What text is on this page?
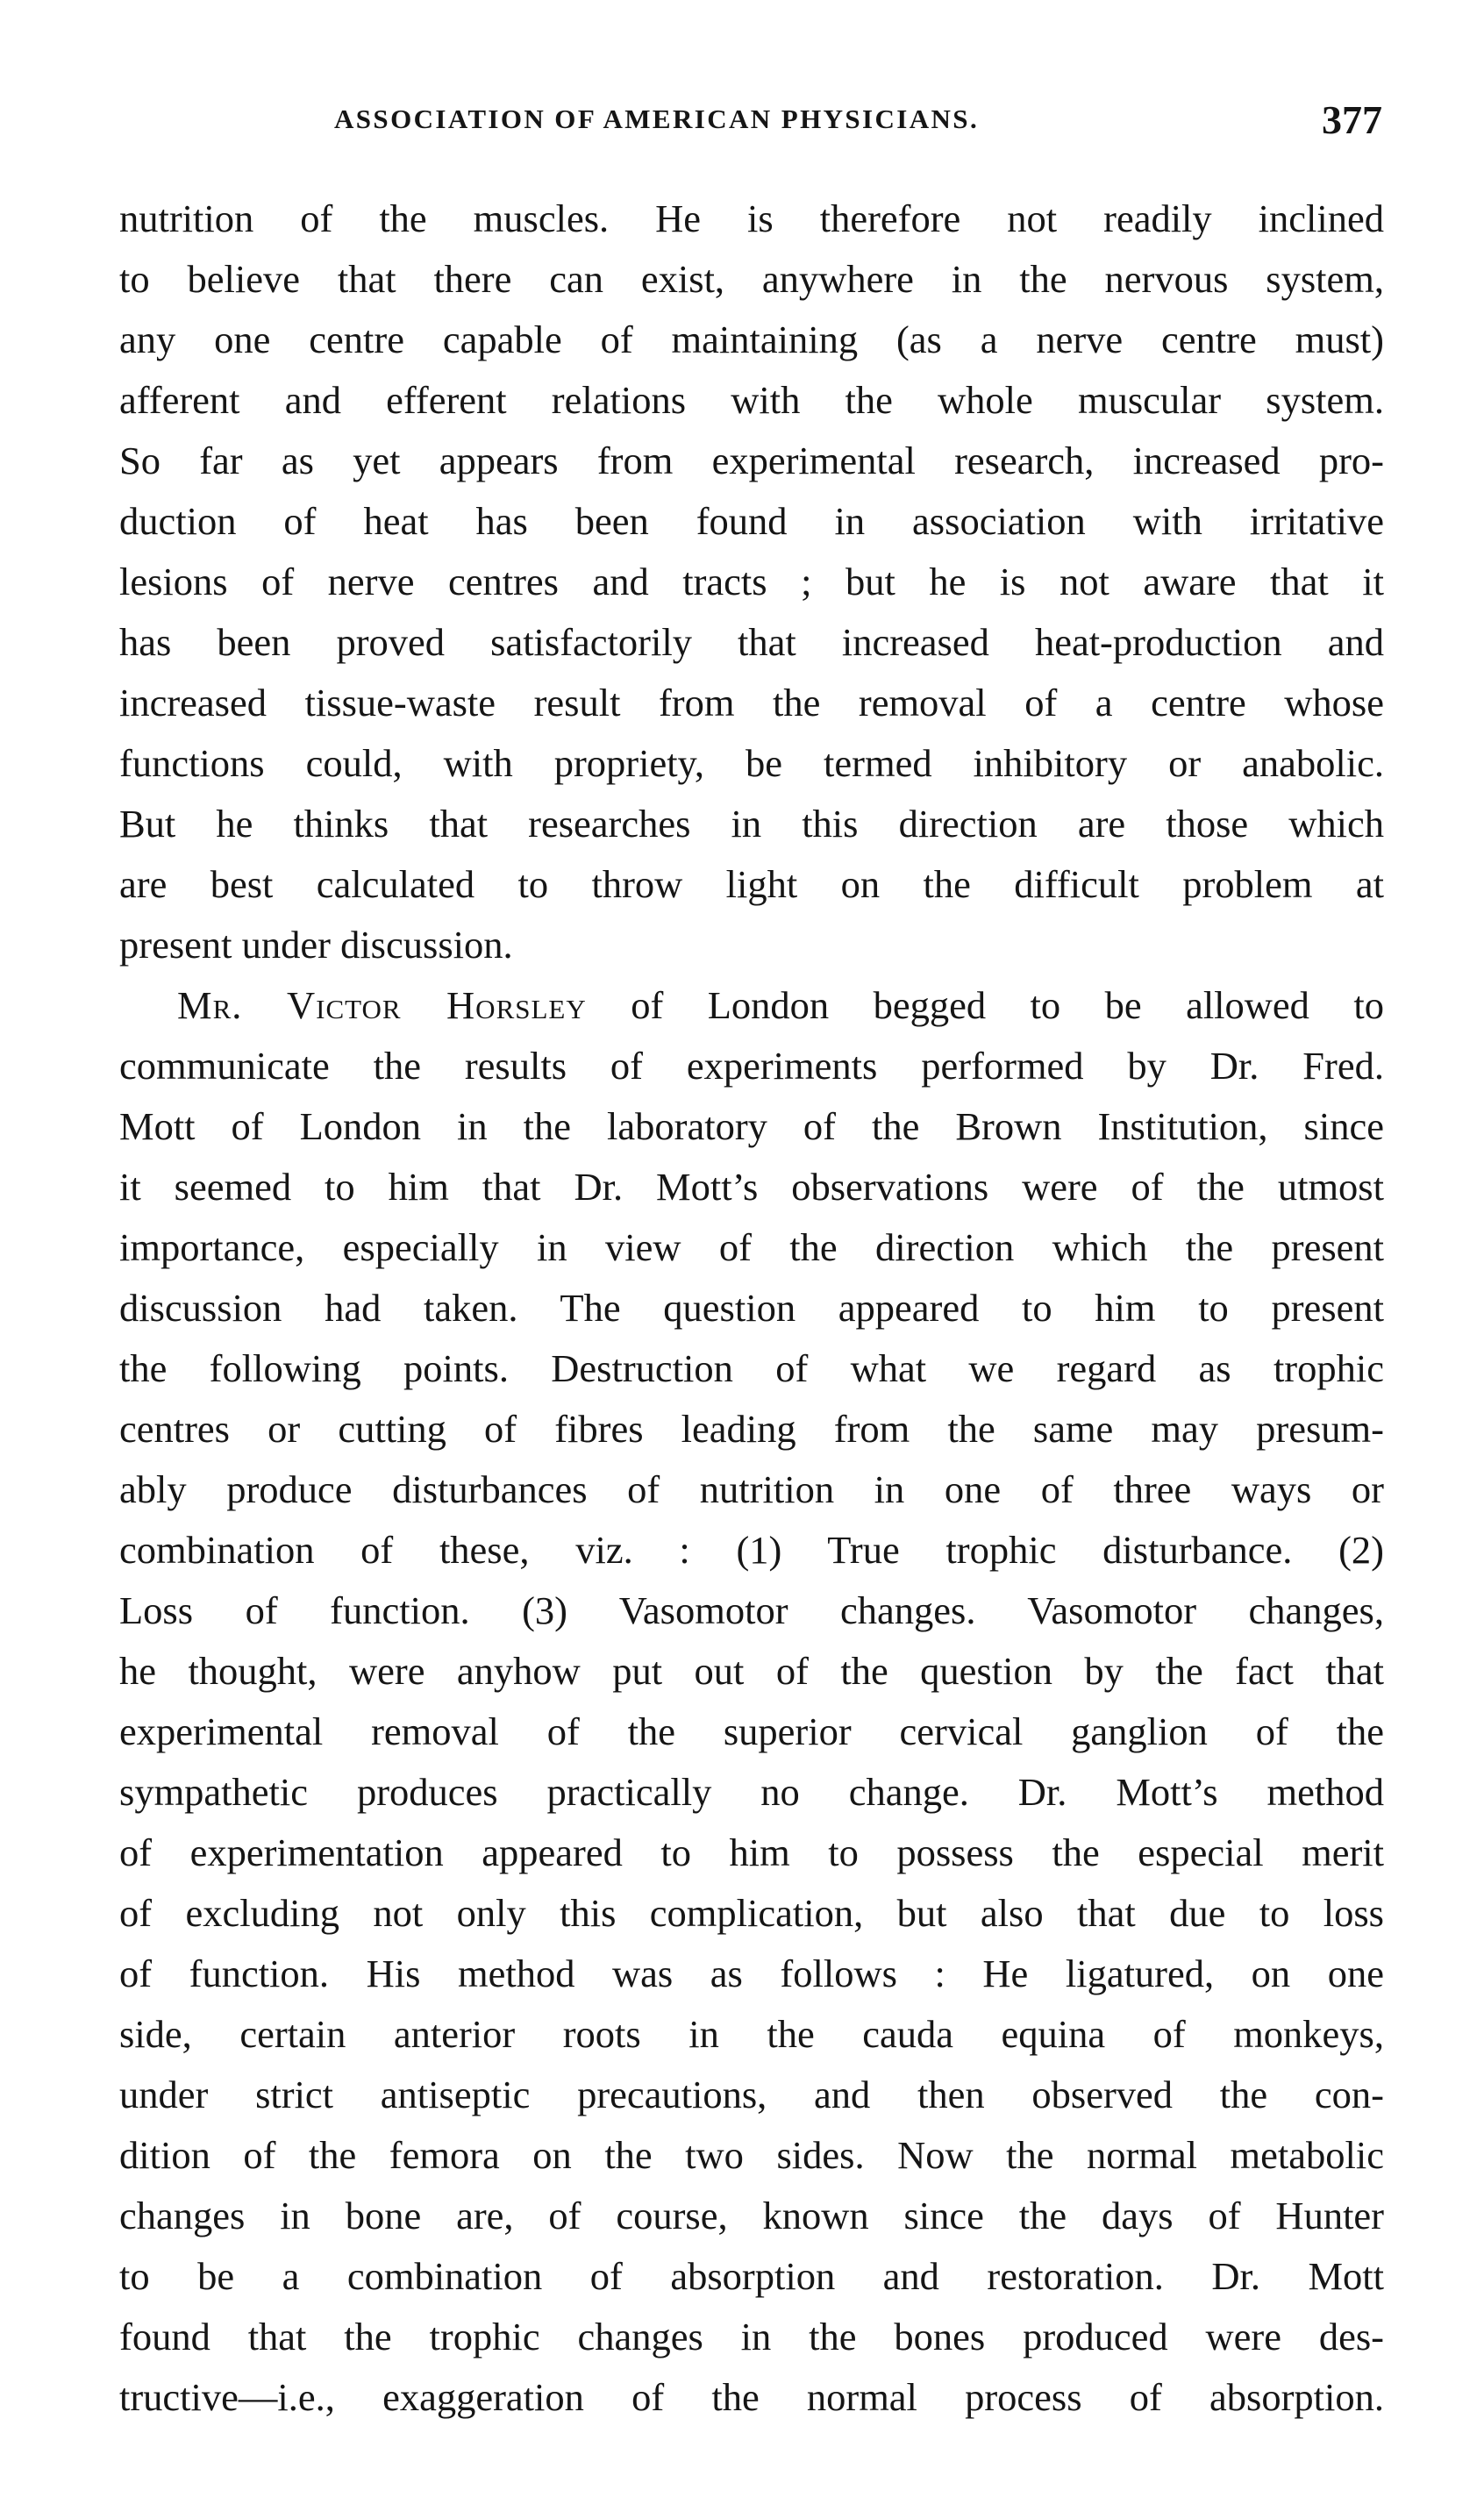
ASSOCIATION OF AMERICAN PHYSICIANS.	377
nutrition of the muscles. He is therefore not readily inclined
to believe that there can exist, anywhere in the nervous system,
any one centre capable of maintaining (as a nerve centre must)
afferent and efferent relations with the whole muscular system.
So far as yet appears from experimental research, increased pro-
duction of heat has been found in association with irritative
lesions of nerve centres and tracts ; but he is not aware that it
has been proved satisfactorily that increased heat-production and
increased tissue-waste result from the removal of a centre whose
functions could, with propriety, be termed inhibitory or anabolic.
But he thinks that researches in this direction are those which
are best calculated to throw light on the difficult problem at
present under discussion.
Mr. Victor Horsley of London begged to be allowed to
communicate the results of experiments performed by Dr. Fred.
Mott of London in the laboratory of the Brown Institution, since
it seemed to him that Dr. Mott’s observations were of the utmost
importance, especially in view of the direction which the present
discussion had taken. The question appeared to him to present
the following points. Destruction of what we regard as trophic
centres or cutting of fibres leading from the same may presum-
ably produce disturbances of nutrition in one of three ways or
combination of these, viz. : (1) True trophic disturbance. (2)
Loss of function. (3) Vasomotor changes. Vasomotor changes,
he thought, were anyhow put out of the question by the fact that
experimental removal of the superior cervical ganglion of the
sympathetic produces practically no change. Dr. Mott’s method
of experimentation appeared to him to possess the especial merit
of excluding not only this complication, but also that due to loss
of function. His method was as follows : He ligatured, on one
side, certain anterior roots in the cauda equina of monkeys,
under strict antiseptic precautions, and then observed the con-
dition of the femora on the two sides. Now the normal metabolic
changes in bone are, of course, known since the days of Hunter
to be a combination of absorption and restoration. Dr. Mott
found that the trophic changes in the bones produced were des-
tructive—i.e., exaggeration of the normal process of absorption.
